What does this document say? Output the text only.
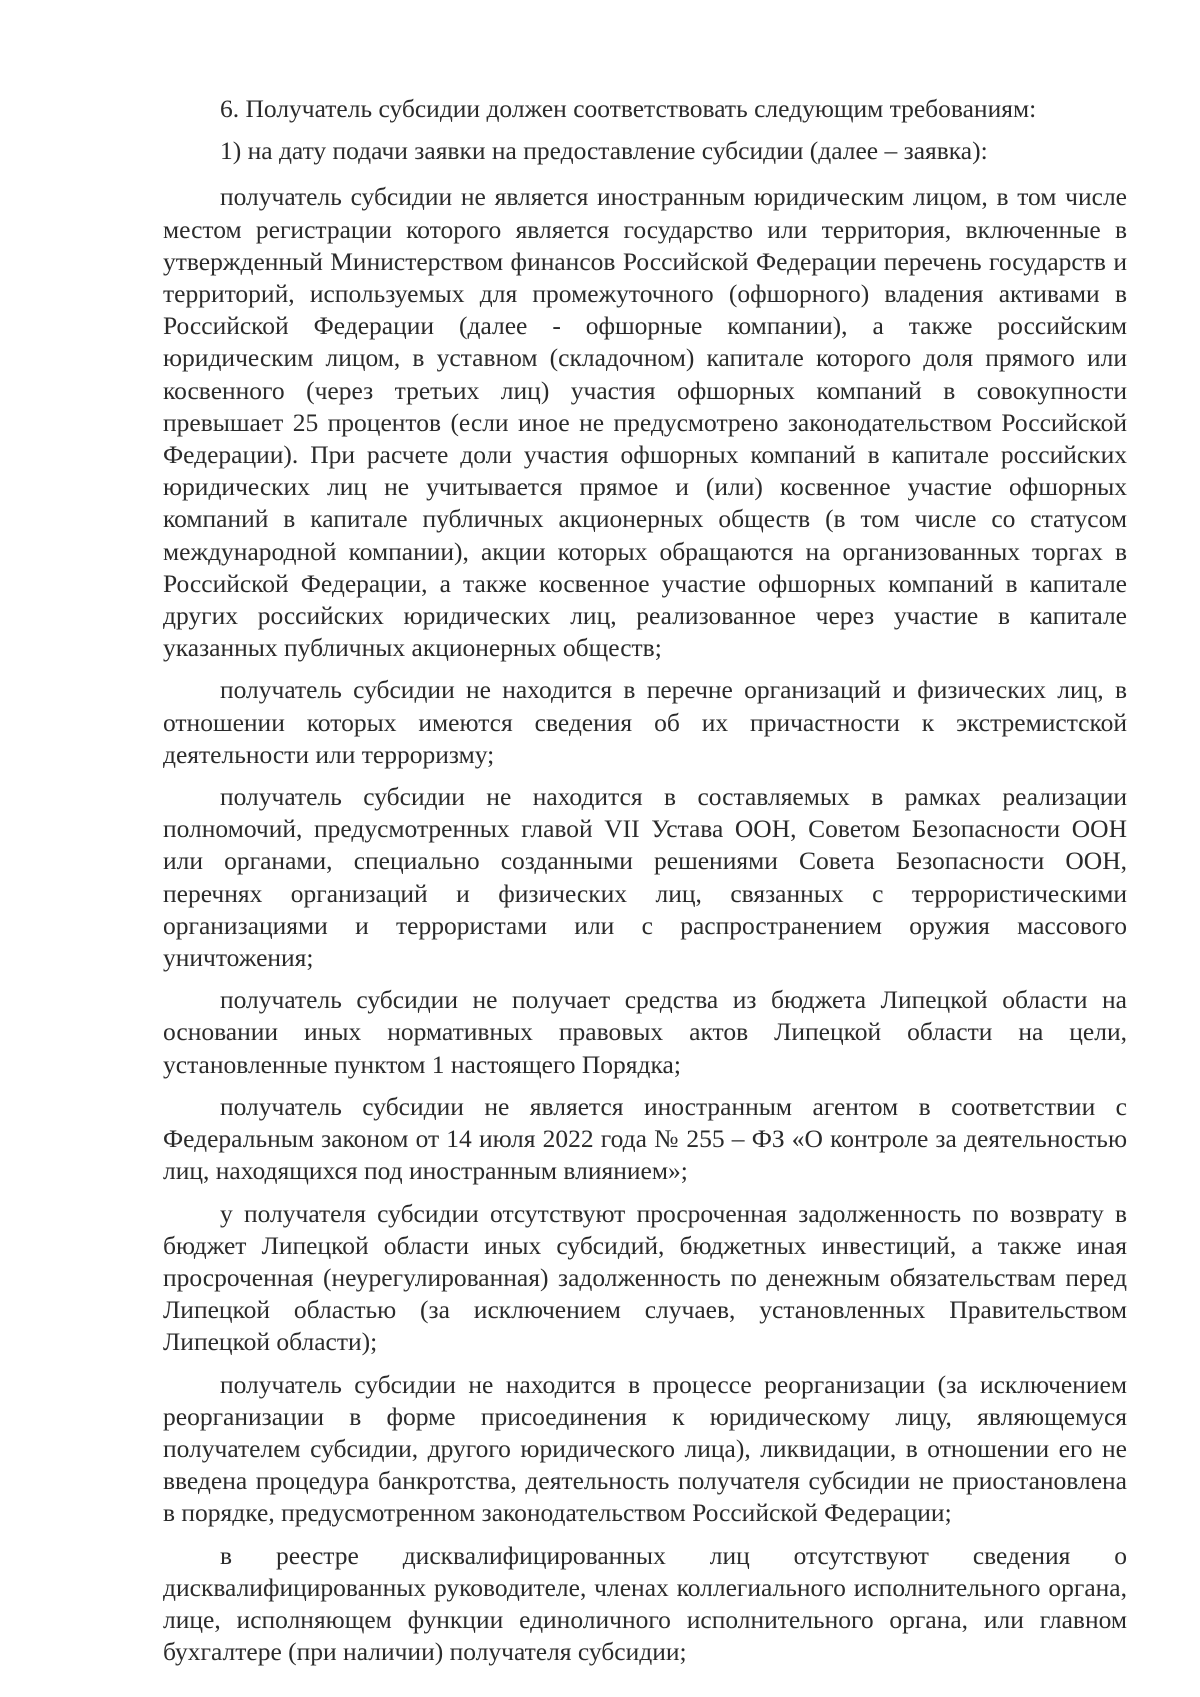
6. Получатель субсидии должен соответствовать следующим требованиям:

1) на дату подачи заявки на предоставление субсидии (далее – заявка):

получатель субсидии не является иностранным юридическим лицом, в том числе местом регистрации которого является государство или территория, включенные в утвержденный Министерством финансов Российской Федерации перечень государств и территорий, используемых для промежуточного (офшорного) владения активами в Российской Федерации (далее - офшорные компании), а также российским юридическим лицом, в уставном (складочном) капитале которого доля прямого или косвенного (через третьих лиц) участия офшорных компаний в совокупности превышает 25 процентов (если иное не предусмотрено законодательством Российской Федерации). При расчете доли участия офшорных компаний в капитале российских юридических лиц не учитывается прямое и (или) косвенное участие офшорных компаний в капитале публичных акционерных обществ (в том числе со статусом международной компании), акции которых обращаются на организованных торгах в Российской Федерации, а также косвенное участие офшорных компаний в капитале других российских юридических лиц, реализованное через участие в капитале указанных публичных акционерных обществ;

получатель субсидии не находится в перечне организаций и физических лиц, в отношении которых имеются сведения об их причастности к экстремистской деятельности или терроризму;

получатель субсидии не находится в составляемых в рамках реализации полномочий, предусмотренных главой VII Устава ООН, Советом Безопасности ООН или органами, специально созданными решениями Совета Безопасности ООН, перечнях организаций и физических лиц, связанных с террористическими организациями и террористами или с распространением оружия массового уничтожения;

получатель субсидии не получает средства из бюджета Липецкой области на основании иных нормативных правовых актов Липецкой области на цели, установленные пунктом 1 настоящего Порядка;

получатель субсидии не является иностранным агентом в соответствии с Федеральным законом от 14 июля 2022 года № 255 – ФЗ «О контроле за деятельностью лиц, находящихся под иностранным влиянием»;

у получателя субсидии отсутствуют просроченная задолженность по возврату в бюджет Липецкой области иных субсидий, бюджетных инвестиций, а также иная просроченная (неурегулированная) задолженность по денежным обязательствам перед Липецкой областью (за исключением случаев, установленных Правительством Липецкой области);

получатель субсидии не находится в процессе реорганизации (за исключением реорганизации в форме присоединения к юридическому лицу, являющемуся получателем субсидии, другого юридического лица), ликвидации, в отношении его не введена процедура банкротства, деятельность получателя субсидии не приостановлена в порядке, предусмотренном законодательством Российской Федерации;

в реестре дисквалифицированных лиц отсутствуют сведения о дисквалифицированных руководителе, членах коллегиального исполнительного органа, лице, исполняющем функции единоличного исполнительного органа, или главном бухгалтере (при наличии) получателя субсидии;
